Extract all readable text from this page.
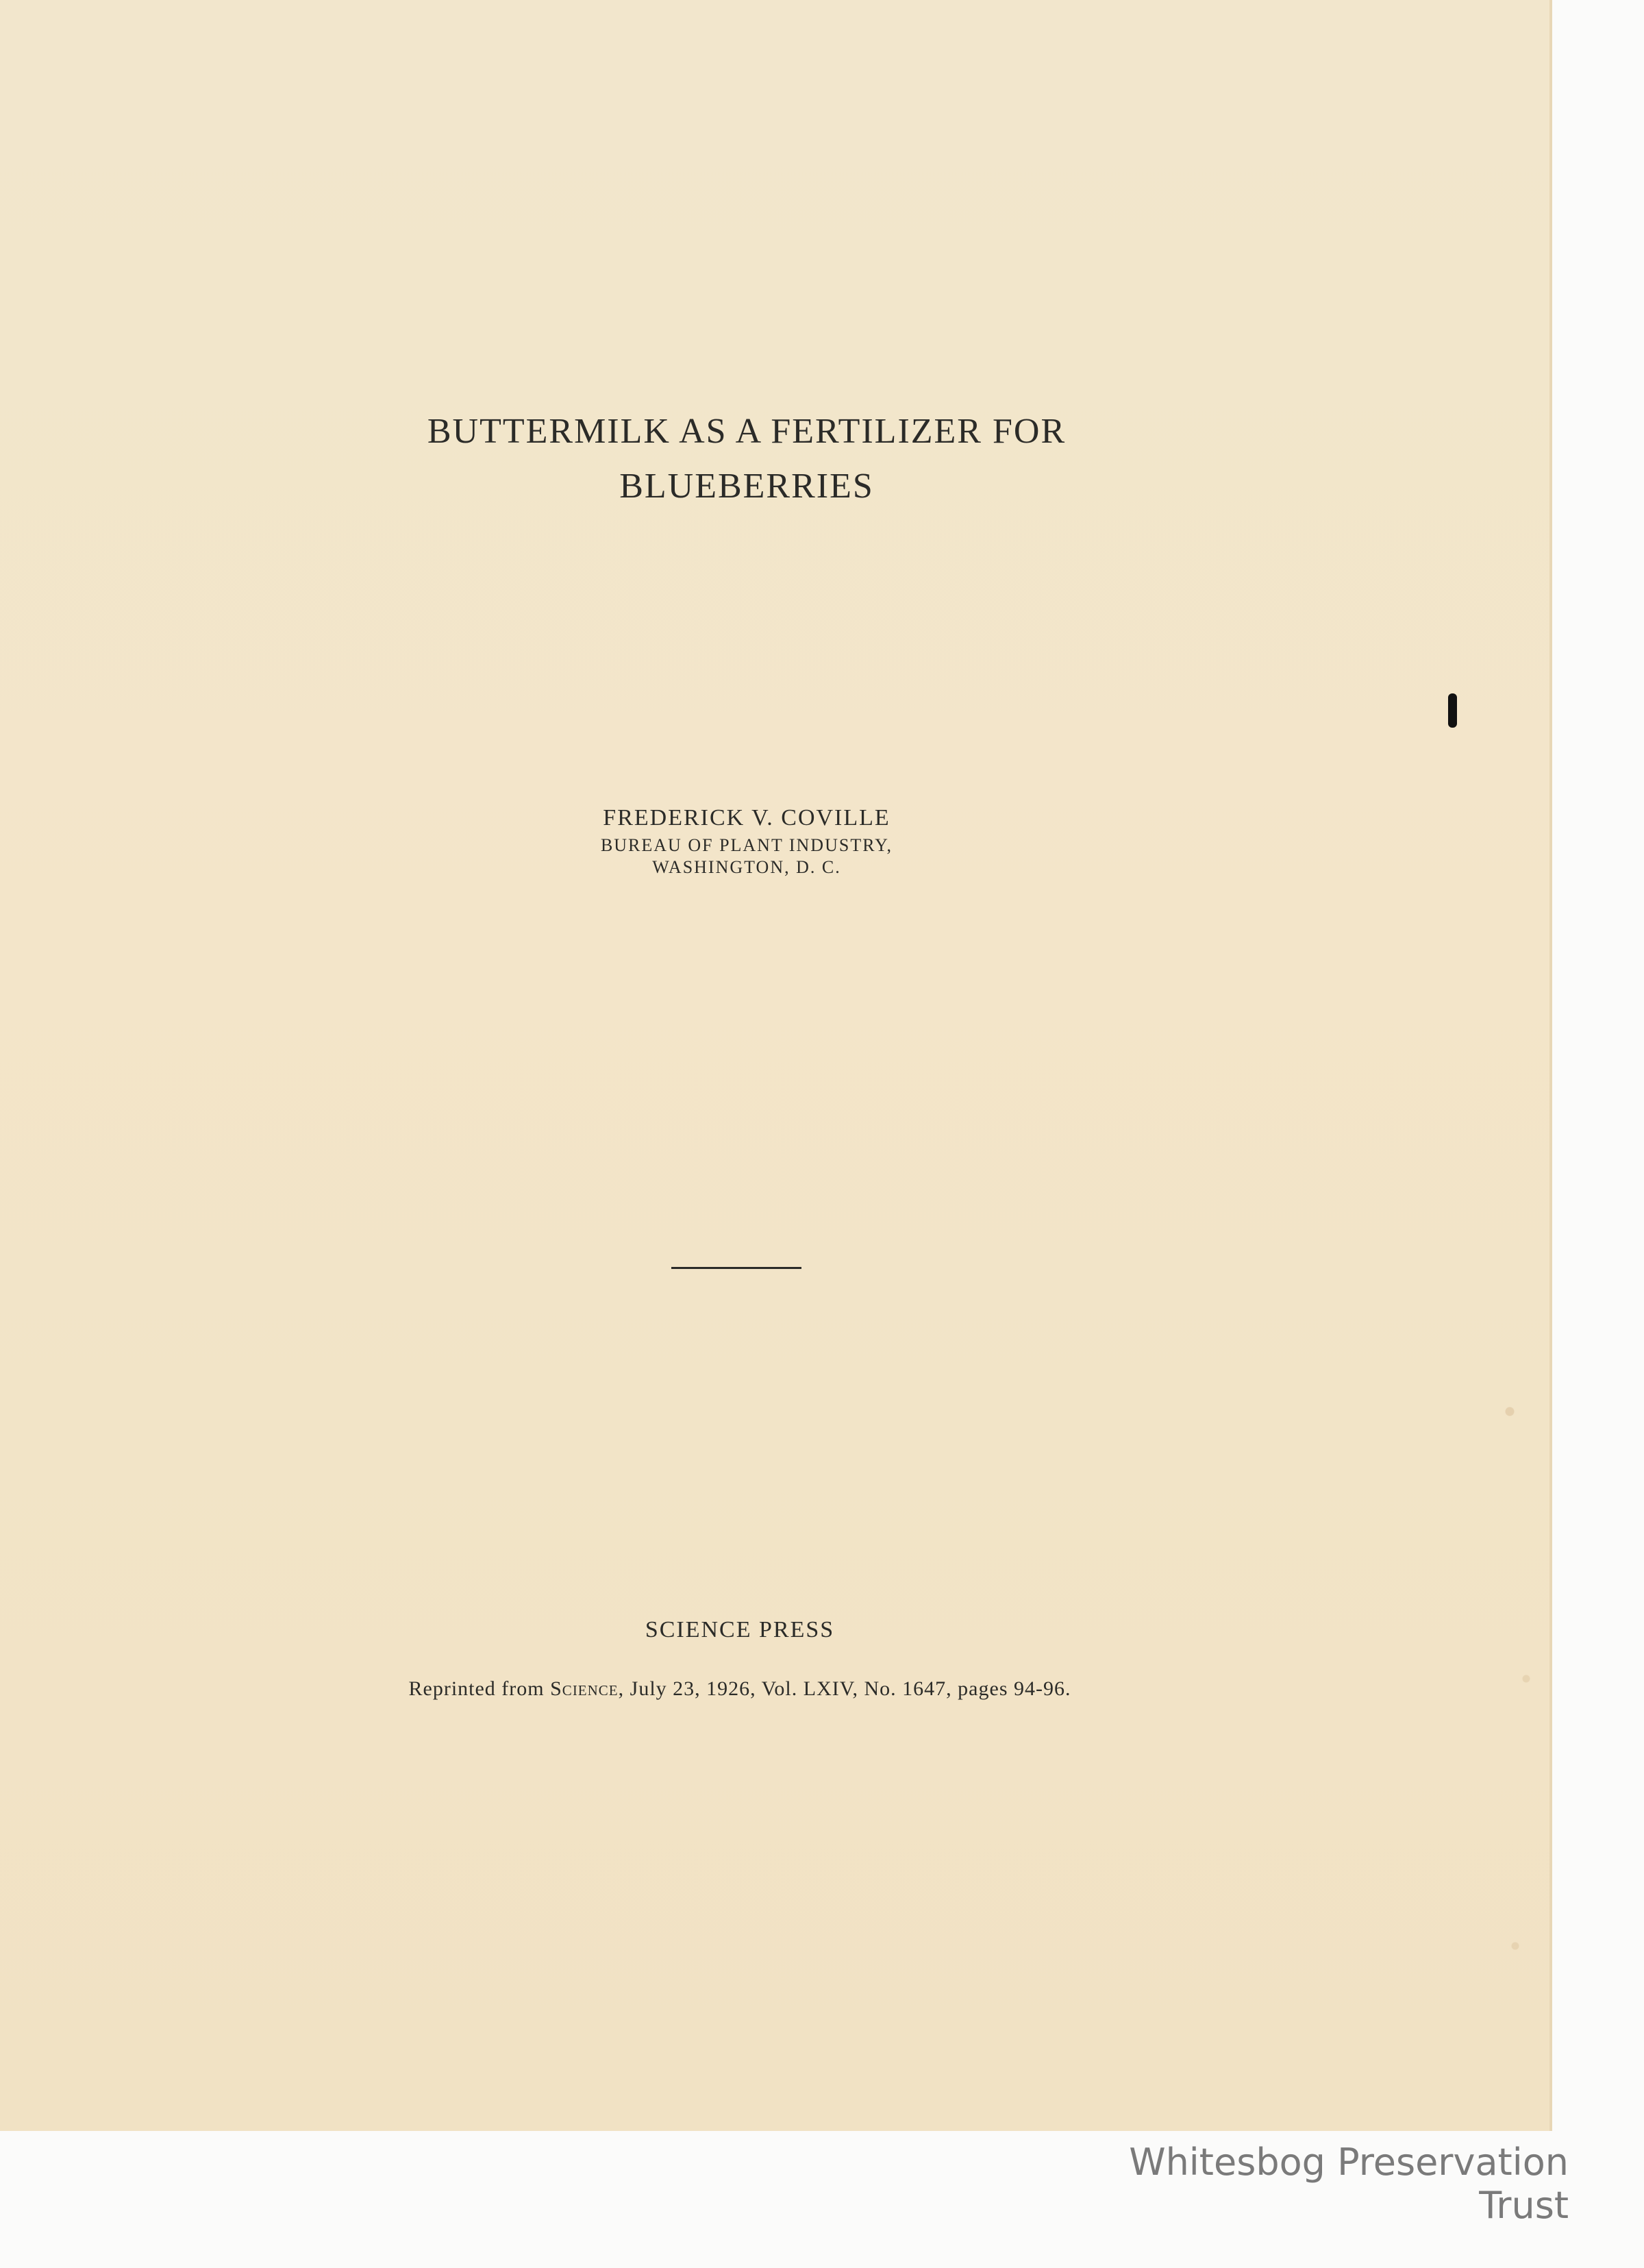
BUTTERMILK AS A FERTILIZER FOR
BLUEBERRIES
FREDERICK V. COVILLE
BUREAU OF PLANT INDUSTRY,
WASHINGTON, D. C.
SCIENCE PRESS
Reprinted from Science, July 23, 1926, Vol. LXIV, No. 1647, pages 94-96.
Whitesbog Preservation Trust
